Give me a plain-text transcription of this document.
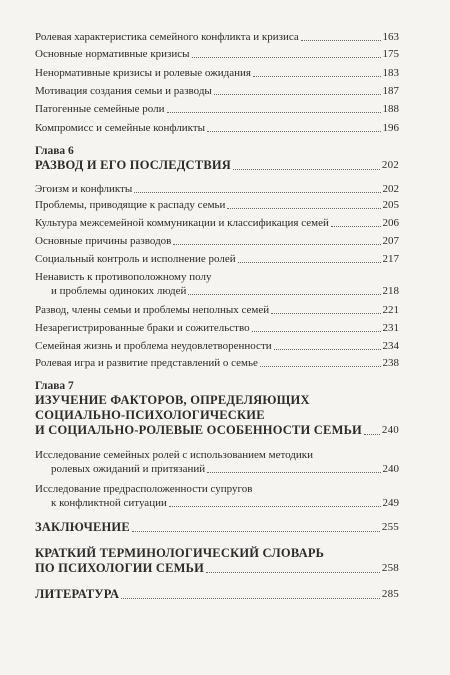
Ролевая характеристика семейного конфликта и кризиса	163
Основные нормативные кризисы	175
Ненормативные кризисы и ролевые ожидания	183
Мотивация создания семьи и разводы	187
Патогенные семейные роли	188
Компромисс и семейные конфликты	196
Глава 6
РАЗВОД И ЕГО ПОСЛЕДСТВИЯ	202
Эгоизм и конфликты	202
Проблемы, приводящие к распаду семьи	205
Культура межсемейной коммуникации и классификация семей	206
Основные причины разводов	207
Социальный контроль и исполнение ролей	217
Ненависть к противоположному полу
и проблемы одиноких людей	218
Развод, члены семьи и проблемы неполных семей	221
Незарегистрированные браки и сожительство	231
Семейная жизнь и проблема неудовлетворенности	234
Ролевая игра и развитие представлений о семье	238
Глава 7
ИЗУЧЕНИЕ ФАКТОРОВ, ОПРЕДЕЛЯЮЩИХ
СОЦИАЛЬНО-ПСИХОЛОГИЧЕСКИЕ
И СОЦИАЛЬНО-РОЛЕВЫЕ ОСОБЕННОСТИ СЕМЬИ 240
Исследование семейных ролей с использованием методики
ролевых ожиданий и притязаний	240
Исследование предрасположенности супругов
к конфликтной ситуации	249
ЗАКЛЮЧЕНИЕ	255
КРАТКИЙ ТЕРМИНОЛОГИЧЕСКИЙ СЛОВАРЬ
ПО ПСИХОЛОГИИ СЕМЬИ	258
ЛИТЕРАТУРА	285
